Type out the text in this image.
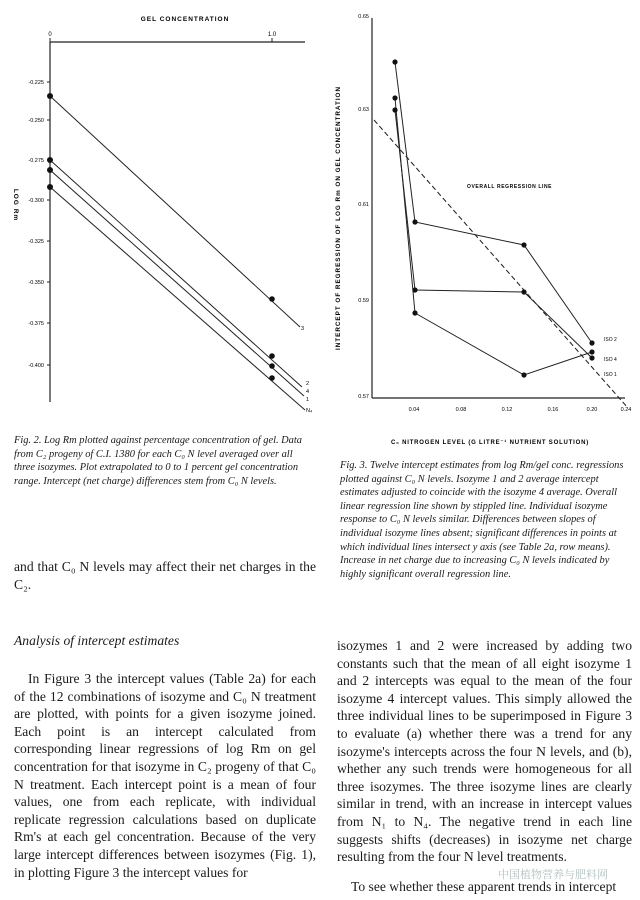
GEL CONCENTRATION
0	1.0
-0.225
-0.250
-0.275
-0.300
-0.325
-0.350
-0.375
-0.400
LOG Rm
3
2
4
1
N₄
0.65
0.63
0.61
0.59
0.57
0.04	0.08	0.12	0.16	0.20	0.24
C₀ NITROGEN LEVEL (G LITRE⁻¹ NUTRIENT SOLUTION)
INTERCEPT OF REGRESSION OF LOG Rm ON GEL CONCENTRATION	OVERALL REGRESSION LINE
ISO 2
ISO 4
ISO 1
Fig. 2. Log Rm plotted against percentage concentration of gel. Data from C₂ progeny of C.I. 1380 for each C₀ N level averaged over all three isozymes. Plot extrapolated to 0 to 1 percent gel concentration range. Intercept (net charge) differences stem from C₀ N levels.
Fig. 3. Twelve intercept estimates from log Rm/gel conc. regressions plotted against C₀ N levels. Isozyme 1 and 2 average intercept estimates adjusted to coincide with the isozyme 4 average. Overall linear regression line shown by stippled line. Individual isozyme response to C₀ N levels similar. Differences between slopes of individual isozyme lines absent; significant differences in points at which individual lines intersect y axis (see Table 2a, row means). Increase in net charge due to increasing C₀ N levels indicated by highly significant overall regression line.
and that C₀ N levels may affect their net charges in the C₂.
Analysis of intercept estimates
In Figure 3 the intercept values (Table 2a) for each of the 12 combinations of isozyme and C₀ N treatment are plotted, with points for a given isozyme joined. Each point is an intercept calculated from corresponding linear regressions of log Rm on gel concentration for that isozyme in C₂ progeny of that C₀ N treatment. Each intercept point is a mean of four values, one from each replicate, with individual replicate regression calculations based on duplicate Rm's at each gel concentration. Because of the very large intercept differences between isozymes (Fig. 1), in plotting Figure 3 the intercept values for
isozymes 1 and 2 were increased by adding two constants such that the mean of all eight isozyme 1 and 2 intercepts was equal to the mean of the four isozyme 4 intercept values. This simply allowed the three individual lines to be superimposed in Figure 3 to evaluate (a) whether there was a trend for any isozyme's intercepts across the four N levels, and (b), whether any such trends were homogeneous for all three isozymes. The three isozyme lines are clearly similar in trend, with an increase in intercept values from N₁ to N₄. The negative trend in each line suggests shifts (decreases) in isozyme net charge resulting from the four N level treatments.
To see whether these apparent trends in intercept
中国植物营养与肥料网
